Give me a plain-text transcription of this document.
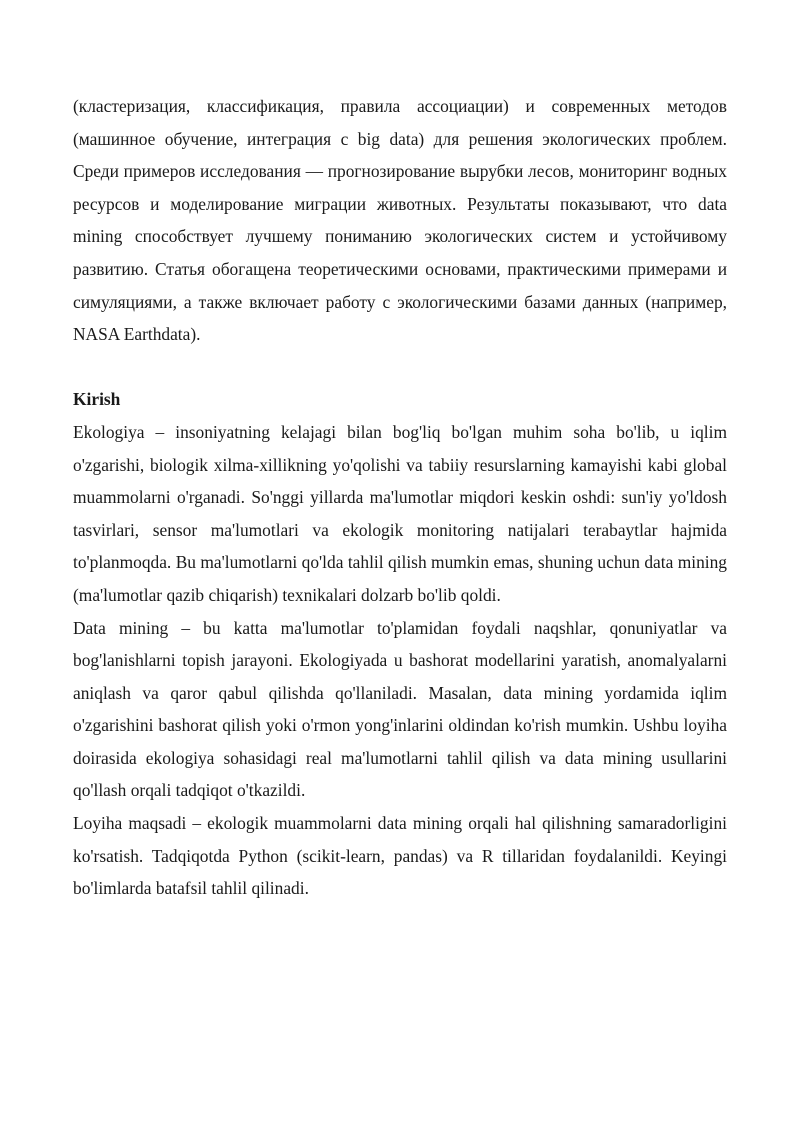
(кластеризация, классификация, правила ассоциации) и современных методов (машинное обучение, интеграция с big data) для решения экологических проблем. Среди примеров исследования — прогнозирование вырубки лесов, мониторинг водных ресурсов и моделирование миграции животных. Результаты показывают, что data mining способствует лучшему пониманию экологических систем и устойчивому развитию. Статья обогащена теоретическими основами, практическими примерами и симуляциями, а также включает работу с экологическими базами данных (например, NASA Earthdata).

Kirish

Ekologiya – insoniyatning kelajagi bilan bog'liq bo'lgan muhim soha bo'lib, u iqlim o'zgarishi, biologik xilma-xillikning yo'qolishi va tabiiy resurslarning kamayishi kabi global muammolarni o'rganadi. So'nggi yillarda ma'lumotlar miqdori keskin oshdi: sun'iy yo'ldosh tasvirlari, sensor ma'lumotlari va ekologik monitoring natijalari terabaytlar hajmida to'planmoqda. Bu ma'lumotlarni qo'lda tahlil qilish mumkin emas, shuning uchun data mining (ma'lumotlar qazib chiqarish) texnikalari dolzarb bo'lib qoldi.

Data mining – bu katta ma'lumotlar to'plamidan foydali naqshlar, qonuniyatlar va bog'lanishlarni topish jarayoni. Ekologiyada u bashorat modellarini yaratish, anomalyalarni aniqlash va qaror qabul qilishda qo'llaniladi. Masalan, data mining yordamida iqlim o'zgarishini bashorat qilish yoki o'rmon yong'inlarini oldindan ko'rish mumkin. Ushbu loyiha doirasida ekologiya sohasidagi real ma'lumotlarni tahlil qilish va data mining usullarini qo'llash orqali tadqiqot o'tkazildi.

Loyiha maqsadi – ekologik muammolarni data mining orqali hal qilishning samaradorligini ko'rsatish. Tadqiqotda Python (scikit-learn, pandas) va R tillaridan foydalanildi. Keyingi bo'limlarda batafsil tahlil qilinadi.
